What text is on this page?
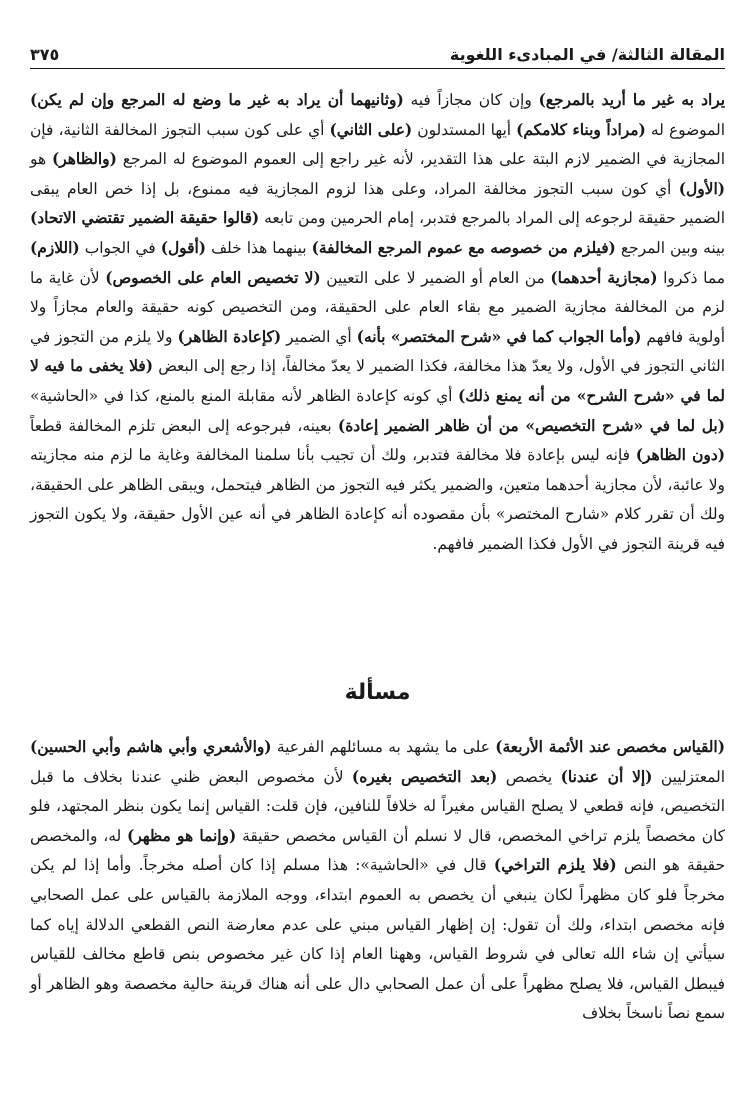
المقالة الثالثة/ في المبادىء اللغوية
٣٧٥

يراد به غير ما أريد بالمرجع) وإن كان مجازاً فيه (وثانيهما أن يراد به غير ما وضع له المرجع وإن لم يكن) الموضوع له (مراداً وبناء كلامكم) أيها المستدلون (على الثاني) أي على كون سبب التجوز المخالفة الثانية، فإن المجازية في الضمير لازم البتة على هذا التقدير، لأنه غير راجع إلى العموم الموضوع له المرجع (والظاهر) هو (الأول) أي كون سبب التجوز مخالفة المراد، وعلى هذا لزوم المجازية فيه ممنوع، بل إذا خص العام يبقى الضمير حقيقة لرجوعه إلى المراد بالمرجع فتدبر، إمام الحرمين ومن تابعه (قالوا حقيقة الضمير تقتضي الاتحاد) بينه وبين المرجع (فيلزم من خصوصه مع عموم المرجع المخالفة) بينهما هذا خلف (أقول) في الجواب (اللازم) مما ذكروا (مجازية أحدهما) من العام أو الضمير لا على التعيين (لا تخصيص العام على الخصوص) لأن غاية ما لزم من المخالفة مجازية الضمير مع بقاء العام على الحقيقة، ومن التخصيص كونه حقيقة والعام مجازاً ولا أولوية فافهم (وأما الجواب كما في «شرح المختصر» بأنه) أي الضمير (كإعادة الظاهر) ولا يلزم من التجوز في الثاني التجوز في الأول، ولا يعدّ هذا مخالفة، فكذا الضمير لا يعدّ مخالفاً، إذا رجع إلى البعض (فلا يخفى ما فيه لا لما في «شرح الشرح» من أنه يمنع ذلك) أي كونه كإعادة الظاهر لأنه مقابلة المنع بالمنع، كذا في «الحاشية» (بل لما في «شرح التخصيص» من أن ظاهر الضمير إعادة) بعينه، فبرجوعه إلى البعض تلزم المخالفة قطعاً (دون الظاهر) فإنه ليس بإعادة فلا مخالفة فتدبر، ولك أن تجيب بأنا سلمنا المخالفة وغاية ما لزم منه مجازيته ولا عائبة، لأن مجازية أحدهما متعين، والضمير يكثر فيه التجوز من الظاهر فيتحمل، ويبقى الظاهر على الحقيقة، ولك أن تقرر كلام «شارح المختصر» بأن مقصوده أنه كإعادة الظاهر في أنه عين الأول حقيقة، ولا يكون التجوز فيه قرينة التجوز في الأول فكذا الضمير فافهم.

مسألة

(القياس مخصص عند الأئمة الأربعة) على ما يشهد به مسائلهم الفرعية (والأشعري وأبي هاشم وأبي الحسين) المعتزليين (إلا أن عندنا) يخصص (بعد التخصيص بغيره) لأن مخصوص البعض ظني عندنا بخلاف ما قبل التخصيص، فإنه قطعي لا يصلح القياس مغيراً له خلافاً للنافين، فإن قلت: القياس إنما يكون بنظر المجتهد، فلو كان مخصصاً يلزم تراخي المخصص، قال لا نسلم أن القياس مخصص حقيقة (وإنما هو مظهر) له، والمخصص حقيقة هو النص (فلا يلزم التراخي) قال في «الحاشية»: هذا مسلم إذا كان أصله مخرجاً. وأما إذا لم يكن مخرجاً فلو كان مظهراً لكان ينبغي أن يخصص به العموم ابتداء، ووجه الملازمة بالقياس على عمل الصحابي فإنه مخصص ابتداء، ولك أن تقول: إن إظهار القياس مبني على عدم معارضة النص القطعي الدلالة إياه كما سيأتي إن شاء الله تعالى في شروط القياس، وههنا العام إذا كان غير مخصوص بنص قاطع مخالف للقياس فيبطل القياس، فلا يصلح مظهراً على أن عمل الصحابي دال على أنه هناك قرينة حالية مخصصة وهو الظاهر أو سمع نصاً ناسخاً بخلاف
